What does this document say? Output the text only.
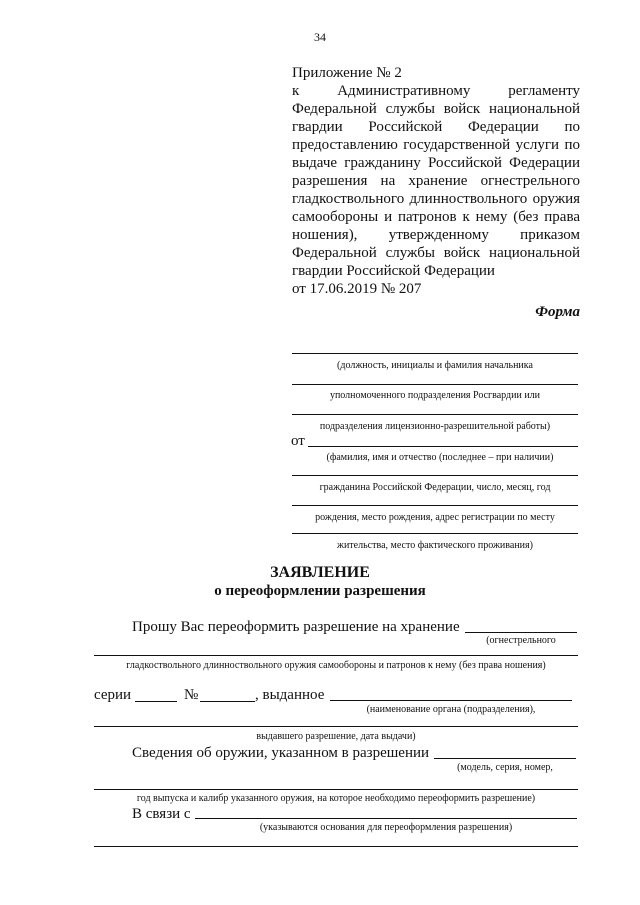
34
Приложение № 2
к Административному регламенту
Федеральной службы войск национальной
гвардии Российской Федерации по
предоставлению государственной услуги по
выдаче гражданину Российской Федерации
разрешения на хранение огнестрельного
гладкоствольного длинноствольного оружия
самообороны и патронов к нему (без права
ношения), утвержденному приказом
Федеральной службы войск национальной
гвардии Российской Федерации
от 17.06.2019 № 207
Форма
(должность, инициалы и фамилия начальника
уполномоченного подразделения Росгвардии или
подразделения лицензионно-разрешительной работы)
от
(фамилия, имя и отчество (последнее – при наличии)
гражданина Российской Федерации, число, месяц, год
рождения, место рождения, адрес регистрации по месту
жительства, место фактического проживания)
ЗАЯВЛЕНИЕ
о переоформлении разрешения
Прошу Вас переоформить разрешение на хранение
(огнестрельного
гладкоствольного длинноствольного оружия самообороны и патронов к нему (без права ношения)
серии	№	, выданное
(наименование органа (подразделения),
выдавшего разрешение, дата выдачи)
Сведения об оружии, указанном в разрешении
(модель, серия, номер,
год выпуска и калибр указанного оружия, на которое необходимо переоформить разрешение)
В связи с
(указываются основания для переоформления разрешения)
